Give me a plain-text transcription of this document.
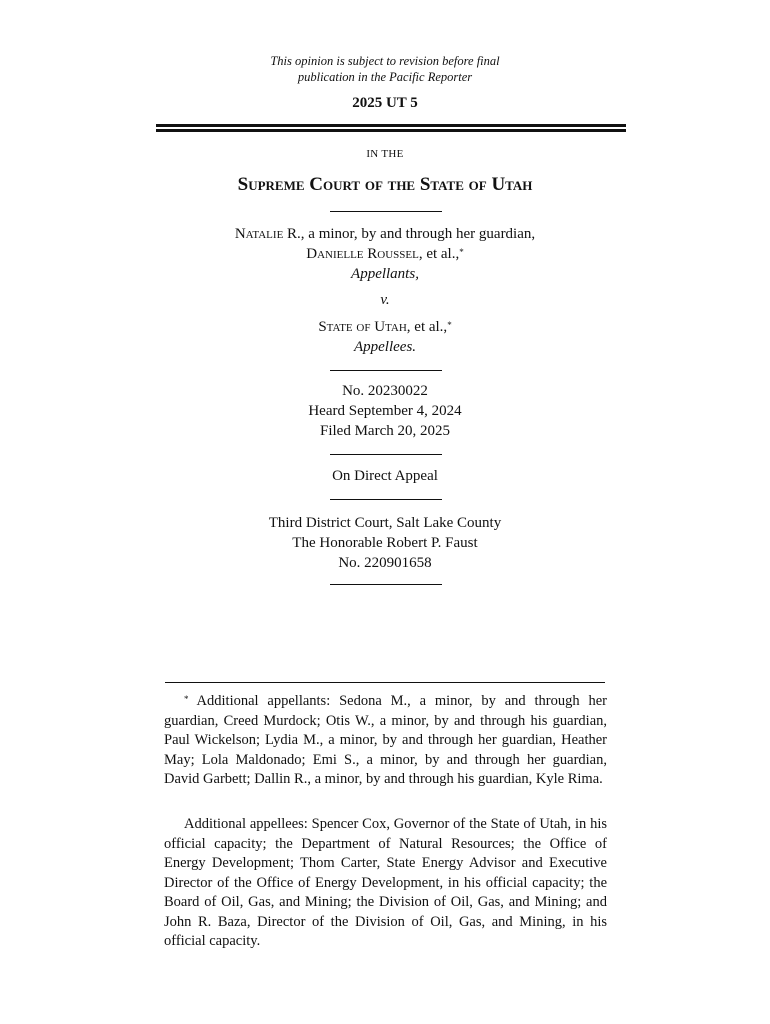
This opinion is subject to revision before final
publication in the Pacific Reporter
2025 UT 5
IN THE
Supreme Court of the State of Utah
Natalie R., a minor, by and through her guardian,
Danielle Roussel, et al.,*
Appellants,
v.
State of Utah, et al.,*
Appellees.
No. 20230022
Heard September 4, 2024
Filed March 20, 2025
On Direct Appeal
Third District Court, Salt Lake County
The Honorable Robert P. Faust
No. 220901658
* Additional appellants: Sedona M., a minor, by and through her guardian, Creed Murdock; Otis W., a minor, by and through his guardian, Paul Wickelson; Lydia M., a minor, by and through her guardian, Heather May; Lola Maldonado; Emi S., a minor, by and through her guardian, David Garbett; Dallin R., a minor, by and through his guardian, Kyle Rima.
Additional appellees: Spencer Cox, Governor of the State of Utah, in his official capacity; the Department of Natural Resources; the Office of Energy Development; Thom Carter, State Energy Advisor and Executive Director of the Office of Energy Development, in his official capacity; the Board of Oil, Gas, and Mining; the Division of Oil, Gas, and Mining; and John R. Baza, Director of the Division of Oil, Gas, and Mining, in his official capacity.
